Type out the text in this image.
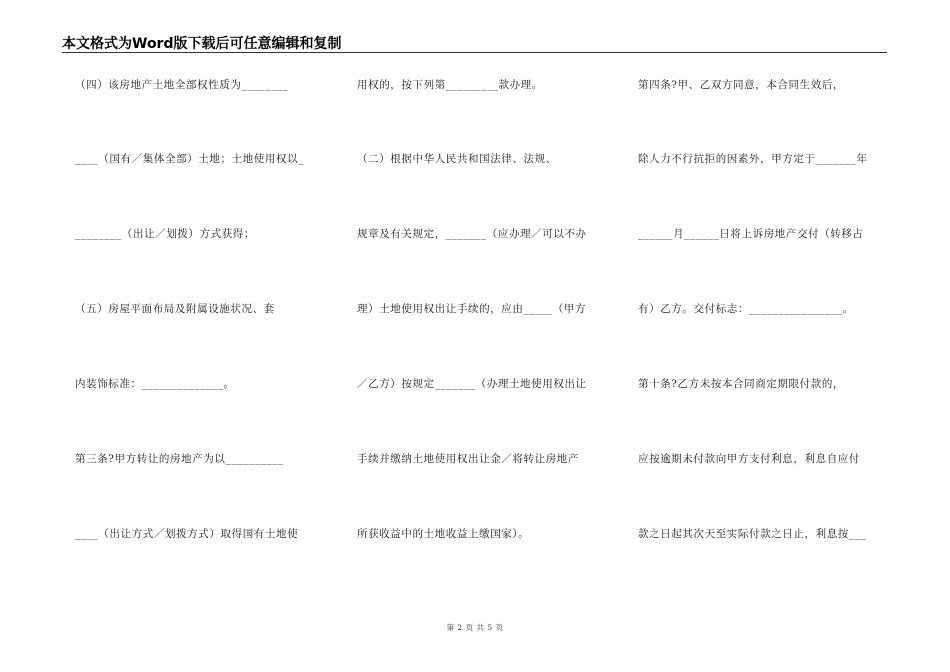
本文格式为Word版下载后可任意编辑和复制
（四）该房地产土地全部权性质为________
____（国有／集体全部）土地；土地使用权以_
________（出让／划拨）方式获得；
（五）房屋平面布局及附属设施状况、套
内装饰标准：______________。
第三条?甲方转让的房地产为以__________
____（出让方式／划拨方式）取得国有土地使
用权的，按下列第_________款办理。
（二）根据中华人民共和国法律、法规、
规章及有关规定，_______（应办理／可以不办
理）土地使用权出让手续的，应由_____（甲方
／乙方）按规定_______（办理土地使用权出让
手续并缴纳土地使用权出让金／将转让房地产
所获收益中的土地收益上缴国家）。
第四条?甲、乙双方同意，本合同生效后，
除人力不行抗拒的因素外，甲方定于_______年
______月______日将上诉房地产交付（转移占
有）乙方。交付标志：________________。
第十条?乙方未按本合同商定期限付款的，
应按逾期未付款向甲方支付利息，利息自应付
款之日起其次天至实际付款之日止，利息按___
第 2 页 共 5 页
